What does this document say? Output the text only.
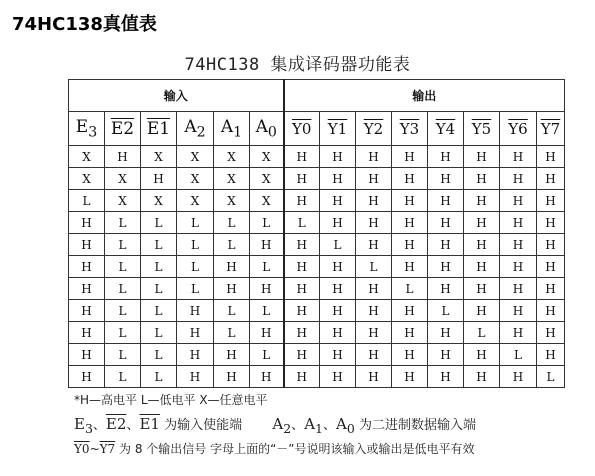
74HC138真值表
74HC138 集成译码器功能表
输入						输出							
$E_3$	E2	E1	$A_2$	$A_1$	$A_0$	Y0	Y1	Y2	Y3	Y4	Y5	Y6	Y7
X	H	X	X	X	X	H	H	H	H	H	H	H	H
X	X	H	X	X	X	H	H	H	H	H	H	H	H
L	X	X	X	X	X	H	H	H	H	H	H	H	H
H	L	L	L	L	L	L	H	H	H	H	H	H	H
H	L	L	L	L	H	H	L	H	H	H	H	H	H
H	L	L	L	H	L	H	H	L	H	H	H	H	H
H	L	L	L	H	H	H	H	H	L	H	H	H	H
H	L	L	H	L	L	H	H	H	H	L	H	H	H
H	L	L	H	L	H	H	H	H	H	H	L	H	H
H	L	L	H	H	L	H	H	H	H	H	H	L	H
H	L	L	H	H	H	H	H	H	H	H	H	H	L
*H—高电平 L—低电平 X—任意电平
$E_3$、E2、E1 为输入使能端 $A_2$、$A_1$、$A_0$ 为二进制数据输入端
Y0~Y7 为 8 个输出信号 字母上面的“－”号说明该输入或输出是低电平有效
